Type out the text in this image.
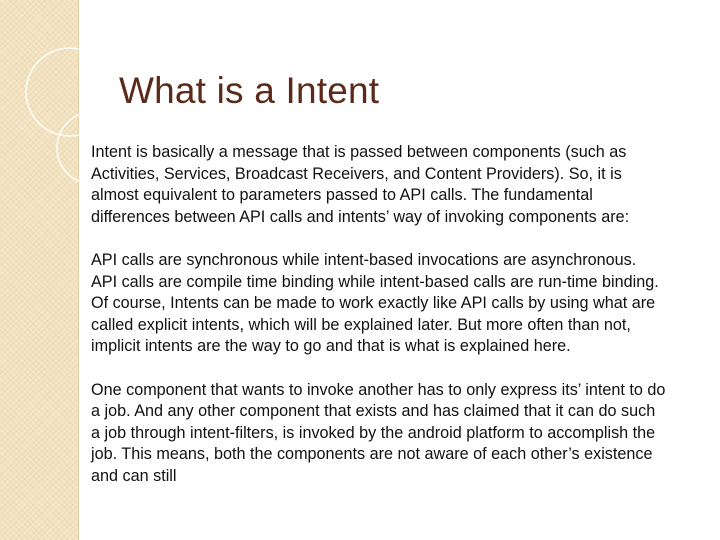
What is a Intent

Intent is basically a message that is passed between components (such as Activities, Services, Broadcast Receivers, and Content Providers). So, it is almost equivalent to parameters passed to API calls. The fundamental differences between API calls and intents’ way of invoking components are:

API calls are synchronous while intent-based invocations are asynchronous.

API calls are compile time binding while intent-based calls are run-time binding. Of course, Intents can be made to work exactly like API calls by using what are called explicit intents, which will be explained later. But more often than not, implicit intents are the way to go and that is what is explained here.

One component that wants to invoke another has to only express its’ intent to do a job. And any other component that exists and has claimed that it can do such a job through intent-filters, is invoked by the android platform to accomplish the job. This means, both the components are not aware of each other’s existence and can still
